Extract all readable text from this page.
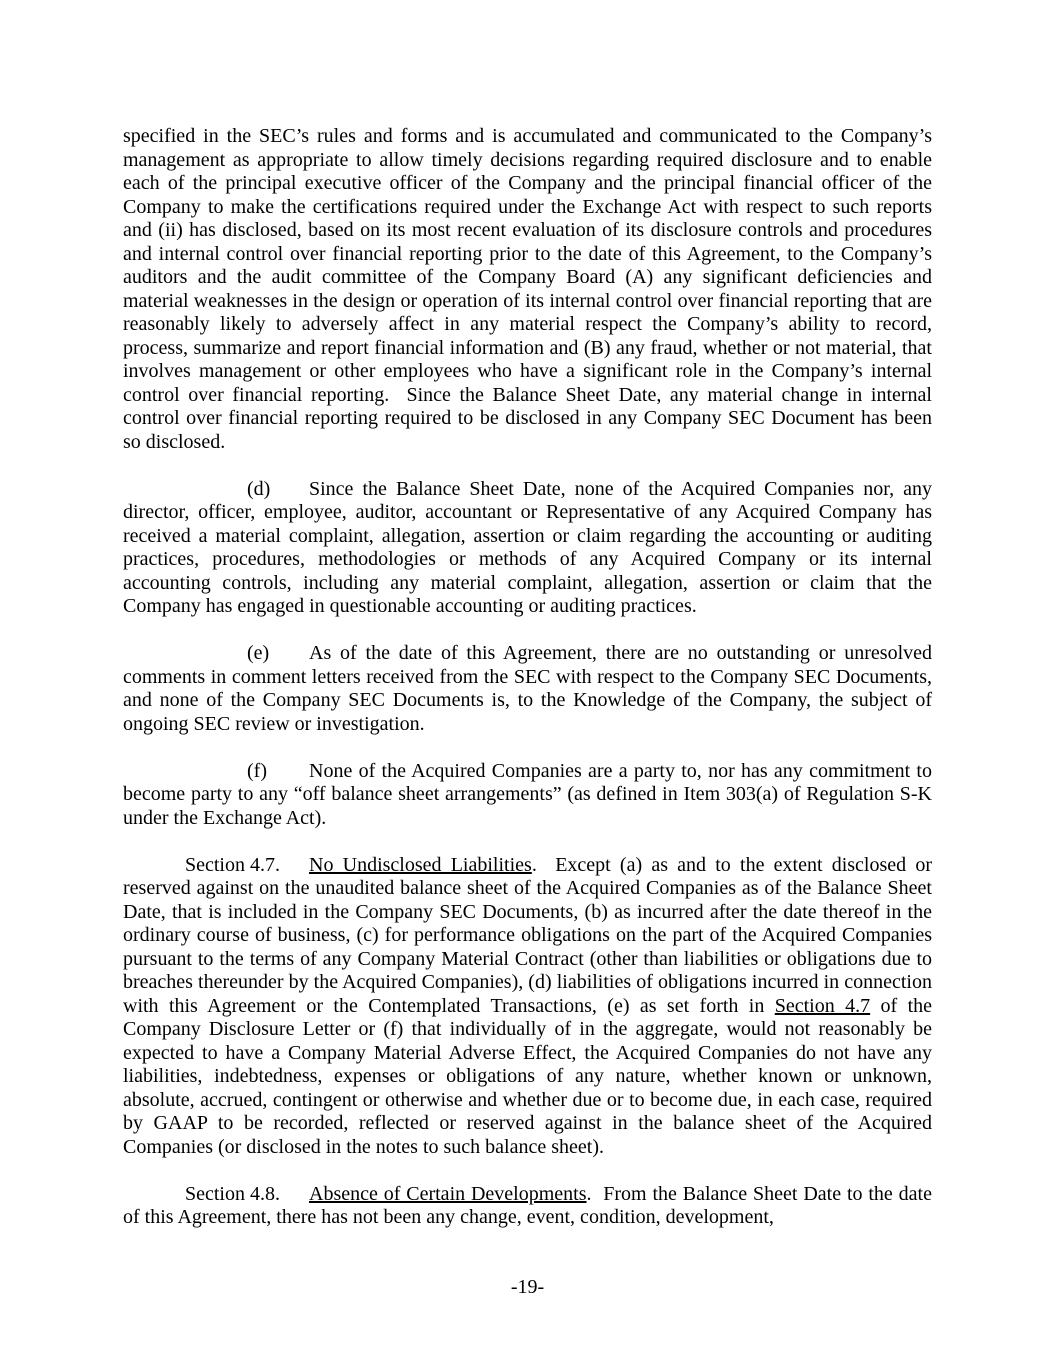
specified in the SEC’s rules and forms and is accumulated and communicated to the Company’s management as appropriate to allow timely decisions regarding required disclosure and to enable each of the principal executive officer of the Company and the principal financial officer of the Company to make the certifications required under the Exchange Act with respect to such reports and (ii) has disclosed, based on its most recent evaluation of its disclosure controls and procedures and internal control over financial reporting prior to the date of this Agreement, to the Company’s auditors and the audit committee of the Company Board (A) any significant deficiencies and material weaknesses in the design or operation of its internal control over financial reporting that are reasonably likely to adversely affect in any material respect the Company’s ability to record, process, summarize and report financial information and (B) any fraud, whether or not material, that involves management or other employees who have a significant role in the Company’s internal control over financial reporting.  Since the Balance Sheet Date, any material change in internal control over financial reporting required to be disclosed in any Company SEC Document has been so disclosed.

(d) Since the Balance Sheet Date, none of the Acquired Companies nor, any director, officer, employee, auditor, accountant or Representative of any Acquired Company has received a material complaint, allegation, assertion or claim regarding the accounting or auditing practices, procedures, methodologies or methods of any Acquired Company or its internal accounting controls, including any material complaint, allegation, assertion or claim that the Company has engaged in questionable accounting or auditing practices.

(e) As of the date of this Agreement, there are no outstanding or unresolved comments in comment letters received from the SEC with respect to the Company SEC Documents, and none of the Company SEC Documents is, to the Knowledge of the Company, the subject of ongoing SEC review or investigation.

(f) None of the Acquired Companies are a party to, nor has any commitment to become party to any “off balance sheet arrangements” (as defined in Item 303(a) of Regulation S-K under the Exchange Act).

Section 4.7. No Undisclosed Liabilities.  Except (a) as and to the extent disclosed or reserved against on the unaudited balance sheet of the Acquired Companies as of the Balance Sheet Date, that is included in the Company SEC Documents, (b) as incurred after the date thereof in the ordinary course of business, (c) for performance obligations on the part of the Acquired Companies pursuant to the terms of any Company Material Contract (other than liabilities or obligations due to breaches thereunder by the Acquired Companies), (d) liabilities of obligations incurred in connection with this Agreement or the Contemplated Transactions, (e) as set forth in Section 4.7 of the Company Disclosure Letter or (f) that individually of in the aggregate, would not reasonably be expected to have a Company Material Adverse Effect, the Acquired Companies do not have any liabilities, indebtedness, expenses or obligations of any nature, whether known or unknown, absolute, accrued, contingent or otherwise and whether due or to become due, in each case, required by GAAP to be recorded, reflected or reserved against in the balance sheet of the Acquired Companies (or disclosed in the notes to such balance sheet).

Section 4.8. Absence of Certain Developments.  From the Balance Sheet Date to the date of this Agreement, there has not been any change, event, condition, development,

-19-
